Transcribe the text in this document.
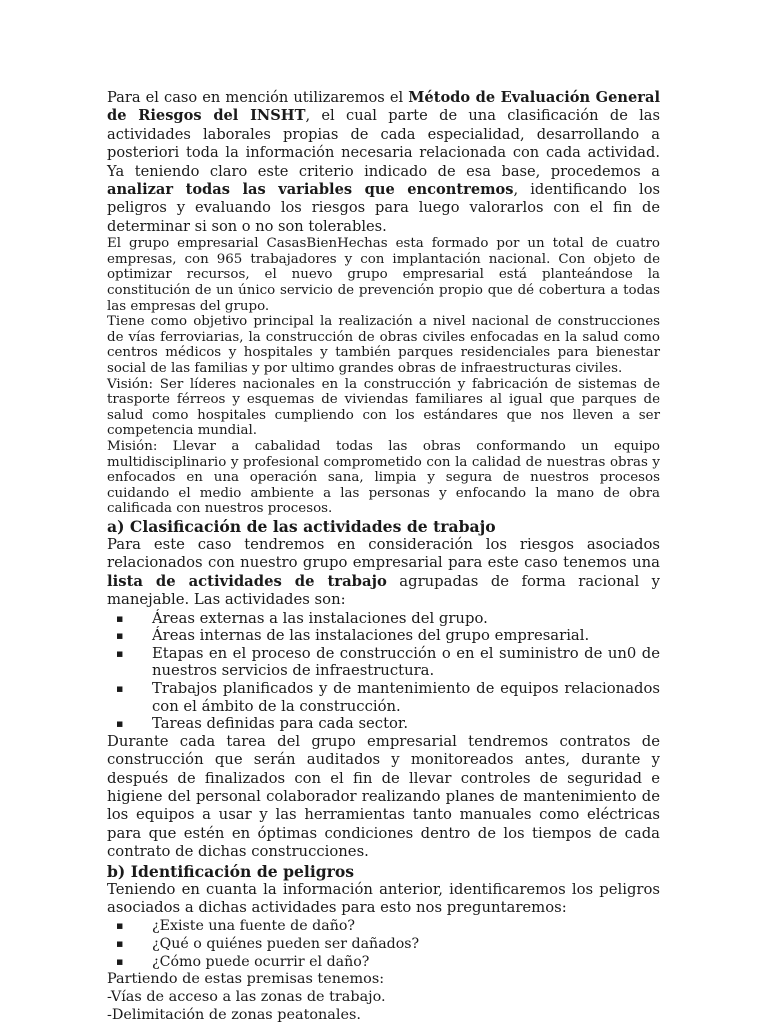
Para el caso en mención utilizaremos el Método de Evaluación General de Riesgos del INSHT, el cual parte de una clasificación de las actividades laborales propias de cada especialidad, desarrollando a posteriori toda la información necesaria relacionada con cada actividad. Ya teniendo claro este criterio indicado de esa base, procedemos a analizar todas las variables que encontremos, identificando los peligros y evaluando los riesgos para luego valorarlos con el fin de determinar si son o no son tolerables.

El grupo empresarial CasasBienHechas esta formado por un total de cuatro empresas, con 965 trabajadores y con implantación nacional. Con objeto de optimizar recursos, el nuevo grupo empresarial está planteándose la constitución de un único servicio de prevención propio que dé cobertura a todas las empresas del grupo.

Tiene como objetivo principal la realización a nivel nacional de construcciones de vías ferroviarias, la construcción de obras civiles enfocadas en la salud como centros médicos y hospitales y también parques residenciales para bienestar social de las familias y por ultimo grandes obras de infraestructuras civiles.

Visión: Ser líderes nacionales en la construcción y fabricación de sistemas de trasporte férreos y esquemas de viviendas familiares al igual que parques de salud como hospitales cumpliendo con los estándares que nos lleven a ser competencia mundial.

Misión: Llevar a cabalidad todas las obras conformando un equipo multidisciplinario y profesional comprometido con la calidad de nuestras obras y enfocados en una operación sana, limpia y segura de nuestros procesos cuidando el medio ambiente a las personas y enfocando la mano de obra calificada con nuestros procesos.

a) Clasificación de las actividades de trabajo

Para este caso tendremos en consideración los riesgos asociados relacionados con nuestro grupo empresarial para este caso tenemos una lista de actividades de trabajo agrupadas de forma racional y manejable. Las actividades son:

▪ Áreas externas a las instalaciones del grupo.
▪ Áreas internas de las instalaciones del grupo empresarial.
▪ Etapas en el proceso de construcción o en el suministro de un0 de nuestros servicios de infraestructura.
▪ Trabajos planificados y de mantenimiento de equipos relacionados con el ámbito de la construcción.
▪ Tareas definidas para cada sector.

Durante cada tarea del grupo empresarial tendremos contratos de construcción que serán auditados y monitoreados antes, durante y después de finalizados con el fin de llevar controles de seguridad e higiene del personal colaborador realizando planes de mantenimiento de los equipos a usar y las herramientas tanto manuales como eléctricas para que estén en óptimas condiciones dentro de los tiempos de cada contrato de dichas construcciones.

b) Identificación de peligros

Teniendo en cuanta la información anterior, identificaremos los peligros asociados a dichas actividades para esto nos preguntaremos:

▪ ¿Existe una fuente de daño?
▪ ¿Qué o quiénes pueden ser dañados?
▪ ¿Cómo puede ocurrir el daño?

Partiendo de estas premisas tenemos:

-Vías de acceso a las zonas de trabajo.

-Delimitación de zonas peatonales.
